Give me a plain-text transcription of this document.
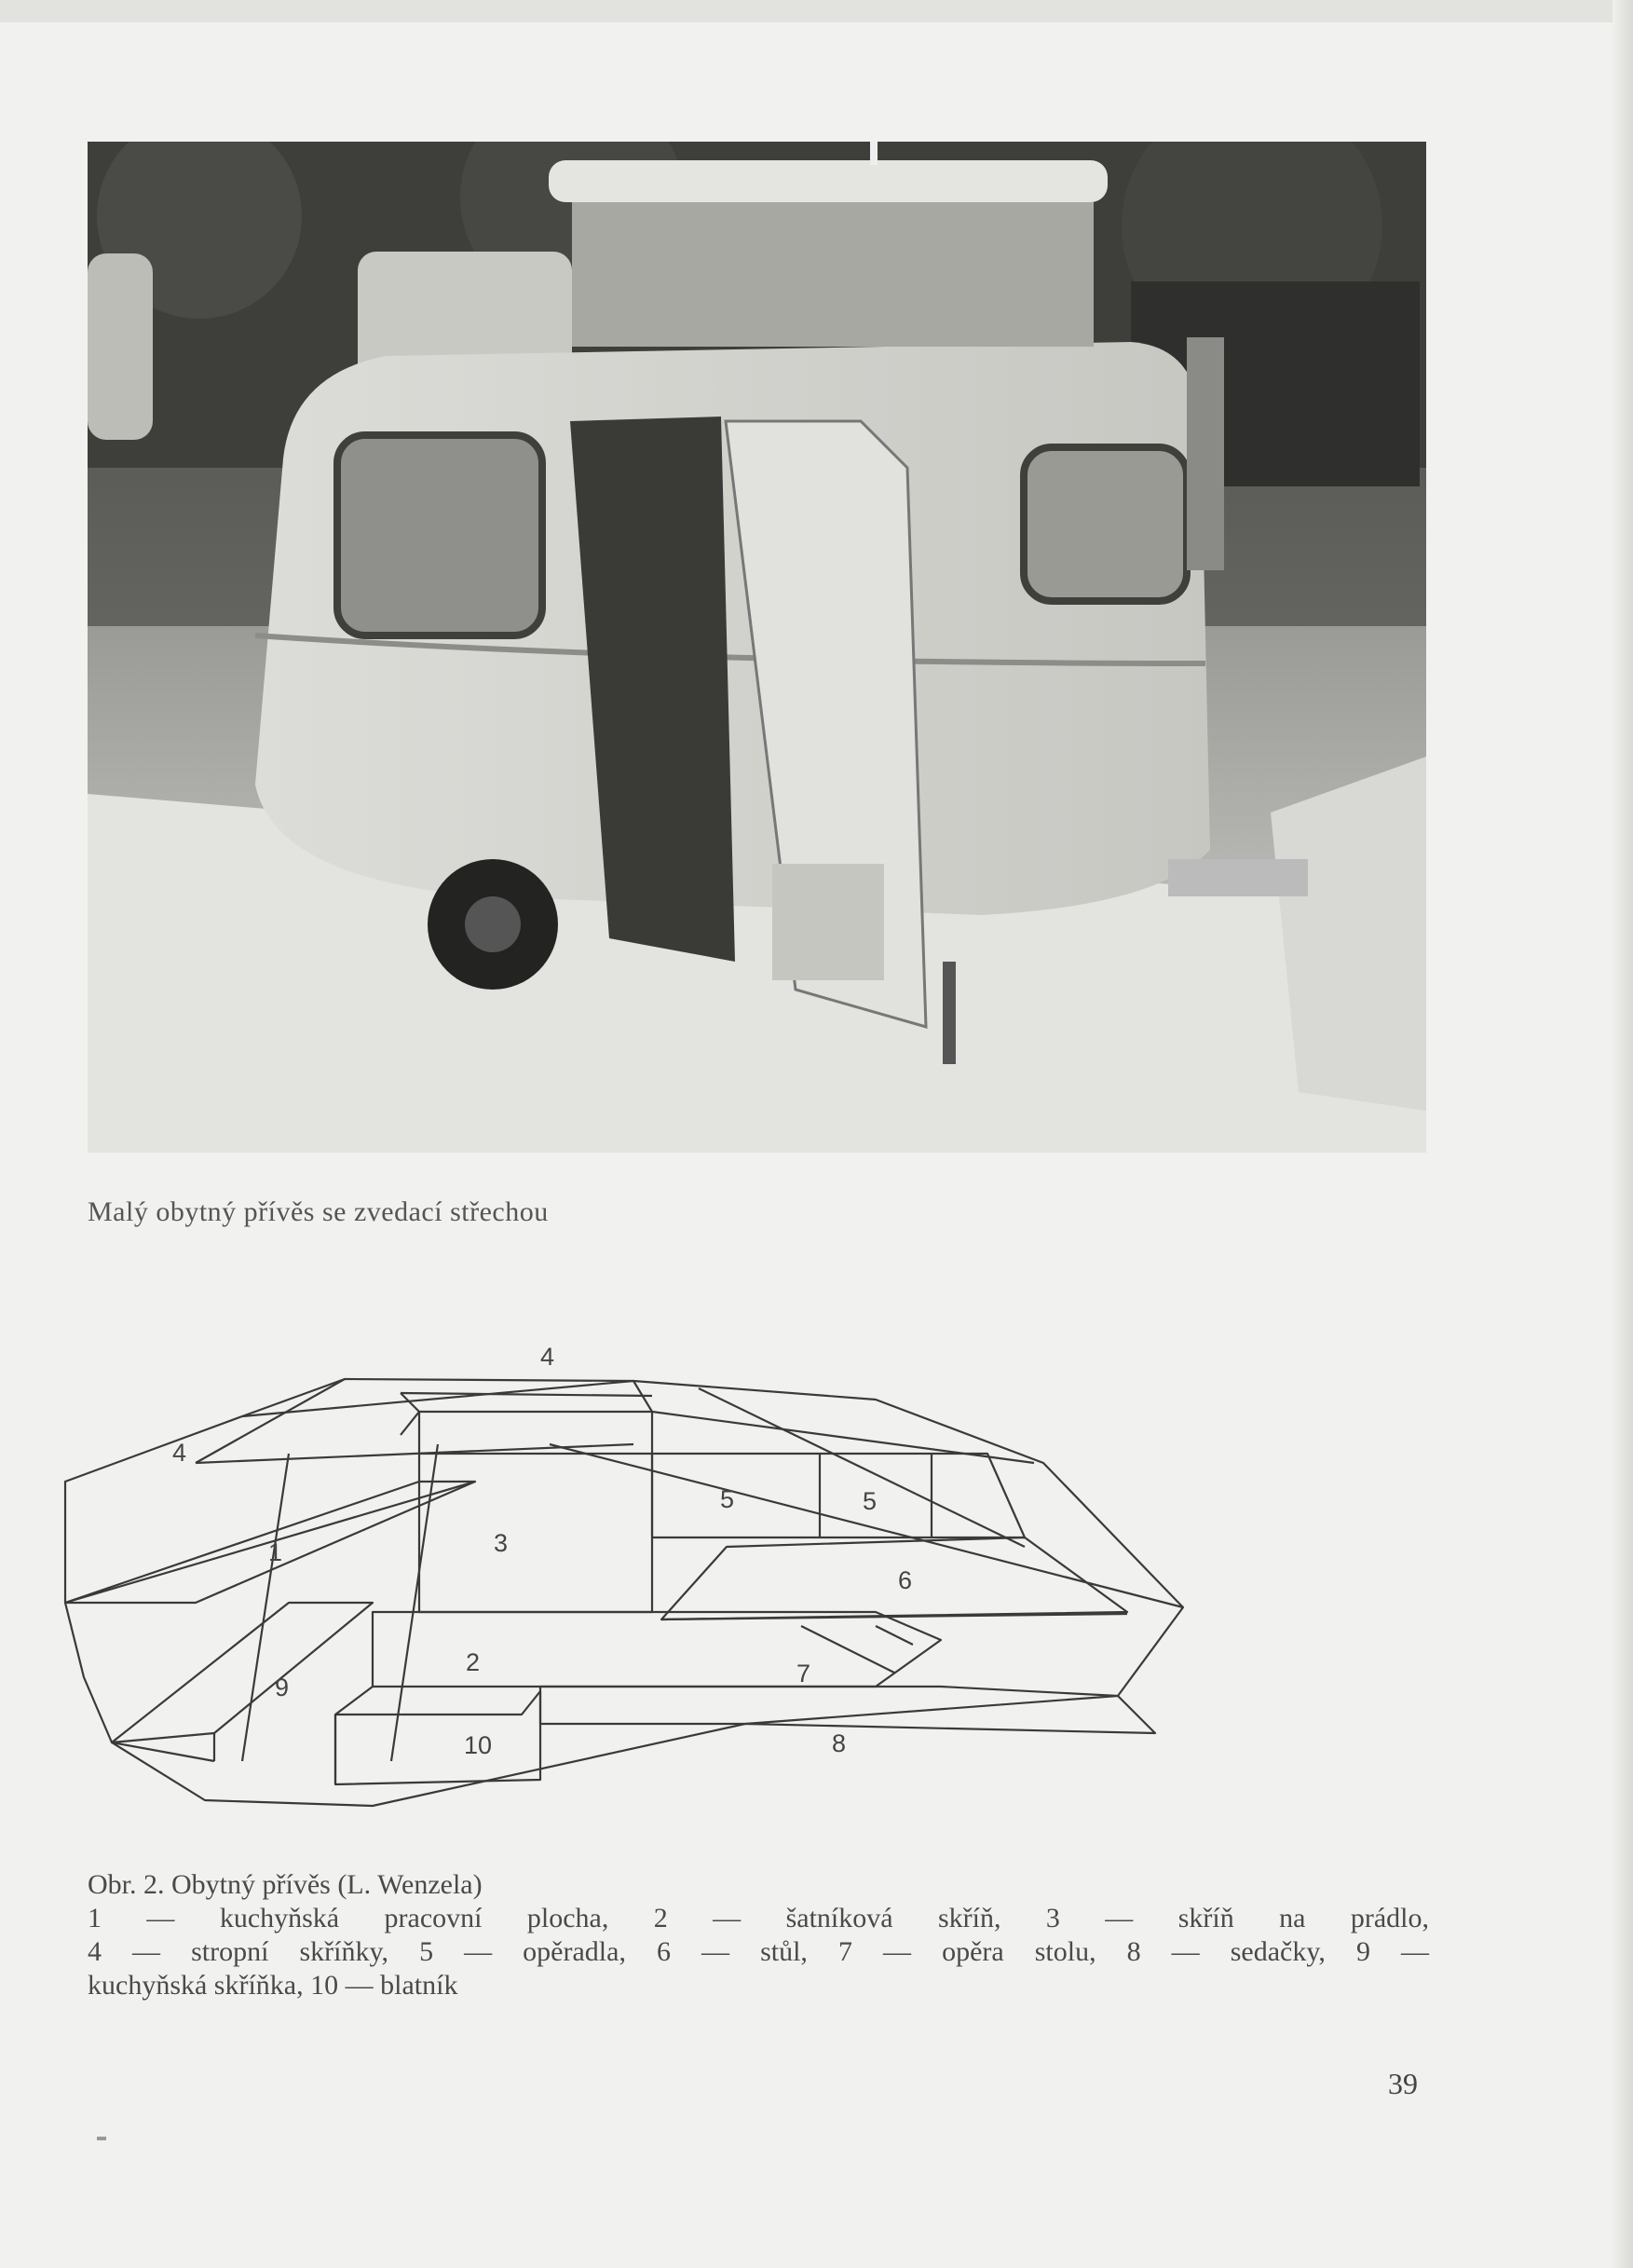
Malý obytný přívěs se zvedací střechou
4
4
5	5
1	3
6
2	7
9
10	8
Obr. 2. Obytný přívěs (L. Wenzela)
1 — kuchyňská pracovní plocha, 2 — šatníková skříň, 3 — skříň na prádlo,
4 — stropní skříňky, 5 — opěradla, 6 — stůl, 7 — opěra stolu, 8 — sedačky, 9 —
kuchyňská skříňka, 10 — blatník
39
